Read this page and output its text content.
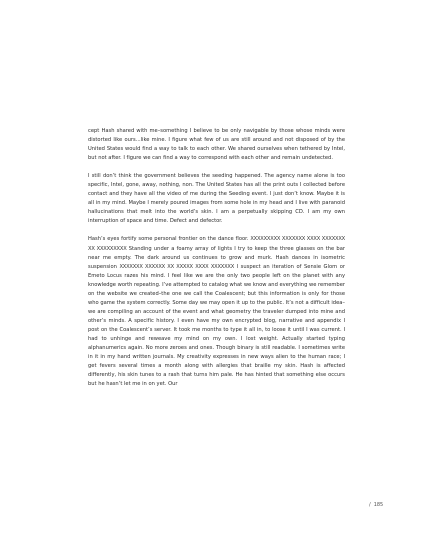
cept Hash shared with me–something I believe to be only navigable by those whose minds were distorted like ours...like mine. I figure what few of us are still around and not disposed of by the United States would find a way to talk to each other. We shared ourselves when tethered by Intel, but not after. I figure we can find a way to correspond with each other and remain undetected.

I still don’t think the government believes the seeding happened. The agency name alone is too specific, Intel, gone, away, nothing, non. The United States has all the print outs I collected before contact and they have all the video of me during the Seeding event. I just don’t know. Maybe it is all in my mind. Maybe I merely poured images from some hole in my head and I live with paranoid hallucinations that melt into the world’s skin. I am a perpetually skipping CD. I am my own interruption of space and time. Defect and defector.

Hash’s eyes fortify some personal frontier on the dance floor. XXXXXXXXX XXXXXXX XXXX XXXXXXX XX XXXXXXXXX Standing under a foamy array of lights I try to keep the three glasses on the bar near me empty. The dark around us continues to grow and murk. Hash dances in isometric suspension XXXXXXX XXXXXX XX XXXXX XXXX XXXXXXX I suspect an iteration of Sensie Glom or Emeto Locus razes his mind. I feel like we are the only two people left on the planet with any knowledge worth repeating. I’ve attempted to catalog what we know and everything we remember on the website we created–the one we call the Coalescent; but this information is only for those who game the system correctly. Some day we may open it up to the public. It’s not a difficult idea–we are compiling an account of the event and what geometry the traveler dumped into mine and other’s minds. A specific history. I even have my own encrypted blog, narrative and appendix I post on the Coalescent’s server. It took me months to type it all in, to loose it until I was current. I had to unhinge and reweave my mind on my own. I lost weight. Actually started typing alphanumerics again. No more zeroes and ones. Though binary is still readable. I sometimes write in it in my hand written journals. My creativity expresses in new ways alien to the human race; I get fevers several times a month along with allergies that braille my skin. Hash is affected differently, his skin tunes to a rash that turns him pale. He has hinted that something else occurs but he hasn’t let me in on yet. Our

/ 185
